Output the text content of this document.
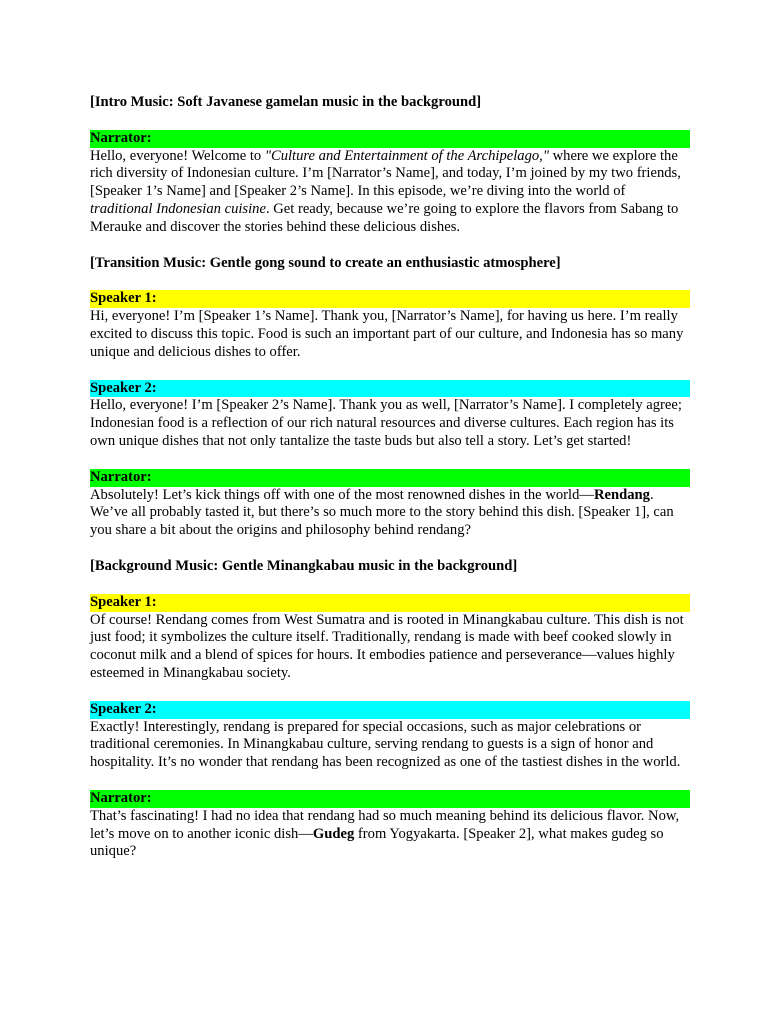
[Intro Music: Soft Javanese gamelan music in the background]
Narrator:
Hello, everyone! Welcome to "Culture and Entertainment of the Archipelago," where we explore the rich diversity of Indonesian culture. I’m [Narrator’s Name], and today, I’m joined by my two friends, [Speaker 1’s Name] and [Speaker 2’s Name]. In this episode, we’re diving into the world of traditional Indonesian cuisine. Get ready, because we’re going to explore the flavors from Sabang to Merauke and discover the stories behind these delicious dishes.
[Transition Music: Gentle gong sound to create an enthusiastic atmosphere]
Speaker 1:
Hi, everyone! I’m [Speaker 1’s Name]. Thank you, [Narrator’s Name], for having us here. I’m really excited to discuss this topic. Food is such an important part of our culture, and Indonesia has so many unique and delicious dishes to offer.
Speaker 2:
Hello, everyone! I’m [Speaker 2’s Name]. Thank you as well, [Narrator’s Name]. I completely agree; Indonesian food is a reflection of our rich natural resources and diverse cultures. Each region has its own unique dishes that not only tantalize the taste buds but also tell a story. Let’s get started!
Narrator:
Absolutely! Let’s kick things off with one of the most renowned dishes in the world—Rendang. We’ve all probably tasted it, but there’s so much more to the story behind this dish. [Speaker 1], can you share a bit about the origins and philosophy behind rendang?
[Background Music: Gentle Minangkabau music in the background]
Speaker 1:
Of course! Rendang comes from West Sumatra and is rooted in Minangkabau culture. This dish is not just food; it symbolizes the culture itself. Traditionally, rendang is made with beef cooked slowly in coconut milk and a blend of spices for hours. It embodies patience and perseverance—values highly esteemed in Minangkabau society.
Speaker 2:
Exactly! Interestingly, rendang is prepared for special occasions, such as major celebrations or traditional ceremonies. In Minangkabau culture, serving rendang to guests is a sign of honor and hospitality. It’s no wonder that rendang has been recognized as one of the tastiest dishes in the world.
Narrator:
That’s fascinating! I had no idea that rendang had so much meaning behind its delicious flavor. Now, let’s move on to another iconic dish—Gudeg from Yogyakarta. [Speaker 2], what makes gudeg so unique?
